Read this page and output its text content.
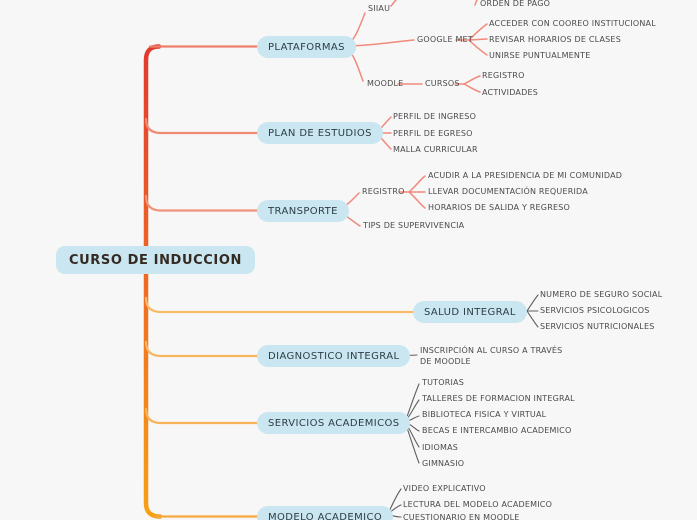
CURSO DE INDUCCION
PLATAFORMAS
PLAN DE ESTUDIOS
TRANSPORTE
SALUD INTEGRAL
DIAGNOSTICO INTEGRAL
SERVICIOS ACADEMICOS
MODELO ACADEMICO
SIIAU
ORDEN DE PAGO
GOOGLE MET
ACCEDER CON COOREO INSTITUCIONAL
REVISAR HORARIOS DE CLASES
UNIRSE PUNTUALMENTE
MOODLE	CURSOS
REGISTRO
ACTIVIDADES
PERFIL DE INGRESO
PERFIL DE EGRESO
MALLA CURRICULAR
REGISTRO
ACUDIR A LA PRESIDENCIA DE MI COMUNIDAD
LLEVAR DOCUMENTACIÓN REQUERIDA
HORARIOS DE SALIDA Y REGRESO
TIPS DE SUPERVIVENCIA
NUMERO DE SEGURO SOCIAL
SERVICIOS PSICOLOGICOS
SERVICIOS NUTRICIONALES
INSCRIPCIÓN AL CURSO A TRAVÉS DE MOODLE
TUTORIAS
TALLERES DE FORMACION INTEGRAL
BIBLIOTECA FISICA Y VIRTUAL
BECAS E INTERCAMBIO ACADEMICO
IDIOMAS
GIMNASIO
VIDEO EXPLICATIVO
LECTURA DEL MODELO ACADEMICO
CUESTIONARIO EN MOODLE
